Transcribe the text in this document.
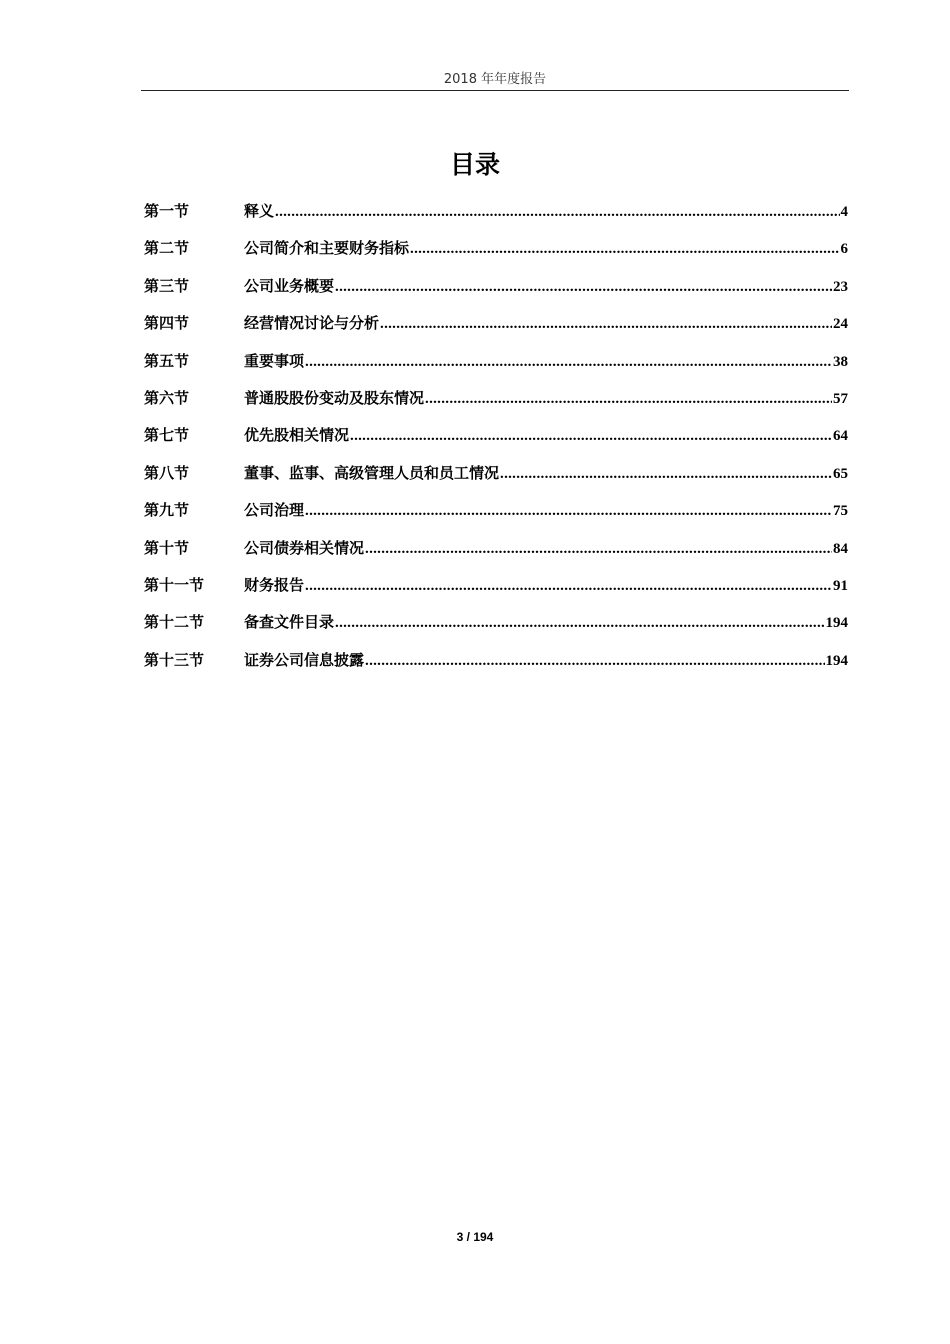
2018 年年度报告
目录
第一节	释义 .....	4
第二节	公司简介和主要财务指标 .....	6
第三节	公司业务概要 .....	23
第四节	经营情况讨论与分析 .....	24
第五节	重要事项 .....	38
第六节	普通股股份变动及股东情况 .....	57
第七节	优先股相关情况 .....	64
第八节	董事、监事、高级管理人员和员工情况 .....	65
第九节	公司治理 .....	75
第十节	公司债券相关情况 .....	84
第十一节	财务报告 .....	91
第十二节	备查文件目录 .....	194
第十三节	证券公司信息披露 .....	194
3 / 194
